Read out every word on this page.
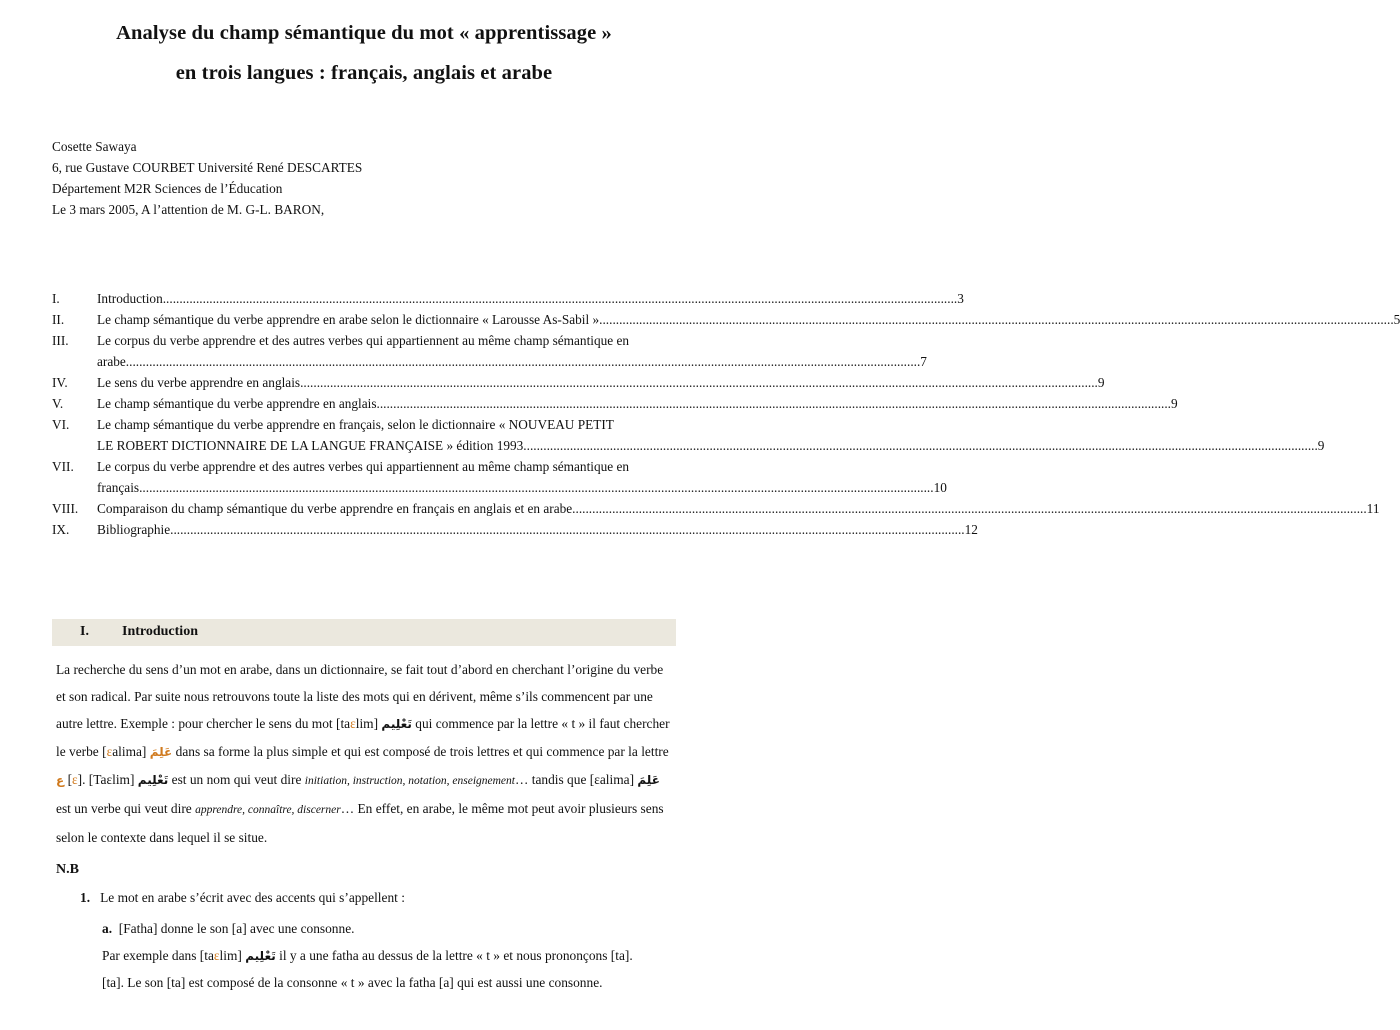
Analyse du champ sémantique du mot « apprentissage »
en trois langues : français, anglais et arabe
Cosette Sawaya
6, rue Gustave COURBET Université René DESCARTES
Département M2R Sciences de l’Éducation
Le 3 mars 2005, A l’attention de M. G-L. BARON,
I.	Introduction .....	3
II.	Le champ sémantique du verbe apprendre en arabe selon le dictionnaire « Larousse As-Sabil » .....	5
III.	Le corpus du verbe apprendre et des autres verbes qui appartiennent au même champ sémantique en
arabe .....	7
IV.	Le sens du verbe apprendre en anglais. .....	9
V.	Le champ sémantique du verbe apprendre en anglais .....	9
VI.	Le champ sémantique du verbe apprendre en français, selon le dictionnaire « NOUVEAU PETIT
LE ROBERT DICTIONNAIRE DE LA LANGUE FRANÇAISE » édition 1993 .....	9
VII.	Le corpus du verbe apprendre et des autres verbes qui appartiennent au même champ sémantique en
français .....	10
VIII.	Comparaison du champ sémantique du verbe apprendre en français en anglais et en arabe .....	11
IX.	Bibliographie .....	12
I. Introduction
La recherche du sens d’un mot en arabe, dans un dictionnaire, se fait tout d’abord en cherchant l’origine du verbe et son radical. Par suite nous retrouvons toute la liste des mots qui en dérivent, même s’ils commencent par une autre lettre. Exemple : pour chercher le sens du mot [taεlim] تَعْلِيم qui commence par la lettre « t » il faut chercher le verbe [εalima] عَلِمَ dans sa forme la plus simple et qui est composé de trois lettres et qui commence par la lettre ع [ε]. [Taεlim] تَعْلِيم est un nom qui veut dire initiation, instruction, notation, enseignement… tandis que [εalima] عَلِمَ est un verbe qui veut dire apprendre, connaître, discerner… En effet, en arabe, le même mot peut avoir plusieurs sens selon le contexte dans lequel il se situe.
N.B
1. Le mot en arabe s’écrit avec des accents qui s’appellent :
a. [Fatha] donne le son [a] avec une consonne.
Par exemple dans [taεlim] تَعْلِيم il y a une fatha au dessus de la lettre « t » et nous prononçons [ta].
[ta]. Le son [ta] est composé de la consonne « t » avec la fatha [a] qui est aussi une consonne.
